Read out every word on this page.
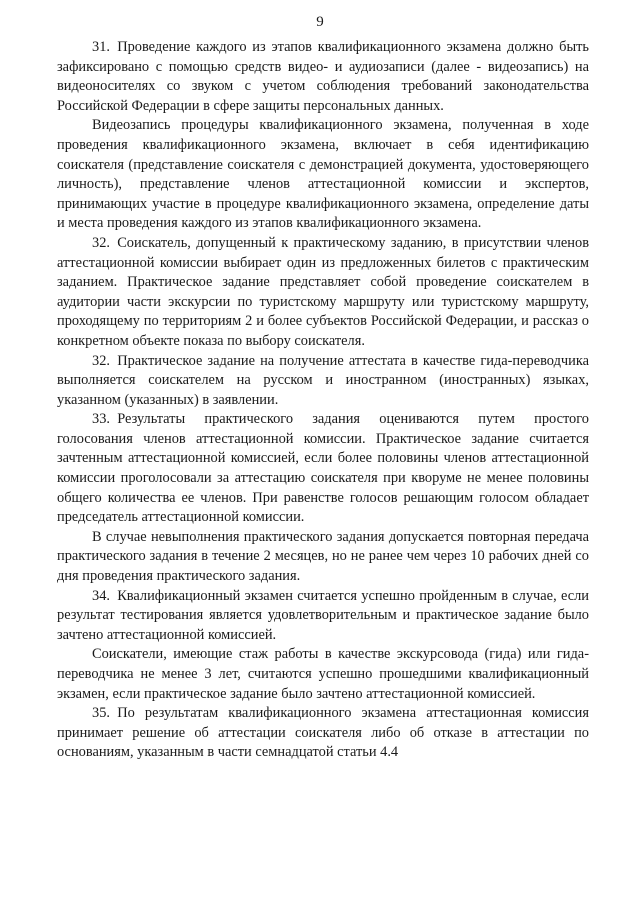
9

31. Проведение каждого из этапов квалификационного экзамена должно быть зафиксировано с помощью средств видео- и аудиозаписи (далее - видеозапись) на видеоносителях со звуком с учетом соблюдения требований законодательства Российской Федерации в сфере защиты персональных данных.

Видеозапись процедуры квалификационного экзамена, полученная в ходе проведения квалификационного экзамена, включает в себя идентификацию соискателя (представление соискателя с демонстрацией документа, удостоверяющего личность), представление членов аттестационной комиссии и экспертов, принимающих участие в процедуре квалификационного экзамена, определение даты и места проведения каждого из этапов квалификационного экзамена.

32. Соискатель, допущенный к практическому заданию, в присутствии членов аттестационной комиссии выбирает один из предложенных билетов с практическим заданием. Практическое задание представляет собой проведение соискателем в аудитории части экскурсии по туристскому маршруту или туристскому маршруту, проходящему по территориям 2 и более субъектов Российской Федерации, и рассказ о конкретном объекте показа по выбору соискателя.

32. Практическое задание на получение аттестата в качестве гида-переводчика выполняется соискателем на русском и иностранном (иностранных) языках, указанном (указанных) в заявлении.

33. Результаты практического задания оцениваются путем простого голосования членов аттестационной комиссии. Практическое задание считается зачтенным аттестационной комиссией, если более половины членов аттестационной комиссии проголосовали за аттестацию соискателя при кворуме не менее половины общего количества ее членов. При равенстве голосов решающим голосом обладает председатель аттестационной комиссии.

В случае невыполнения практического задания допускается повторная передача практического задания в течение 2 месяцев, но не ранее чем через 10 рабочих дней со дня проведения практического задания.

34. Квалификационный экзамен считается успешно пройденным в случае, если результат тестирования является удовлетворительным и практическое задание было зачтено аттестационной комиссией.

Соискатели, имеющие стаж работы в качестве экскурсовода (гида) или гида-переводчика не менее 3 лет, считаются успешно прошедшими квалификационный экзамен, если практическое задание было зачтено аттестационной комиссией.

35. По результатам квалификационного экзамена аттестационная комиссия принимает решение об аттестации соискателя либо об отказе в аттестации по основаниям, указанным в части семнадцатой статьи 4.4
